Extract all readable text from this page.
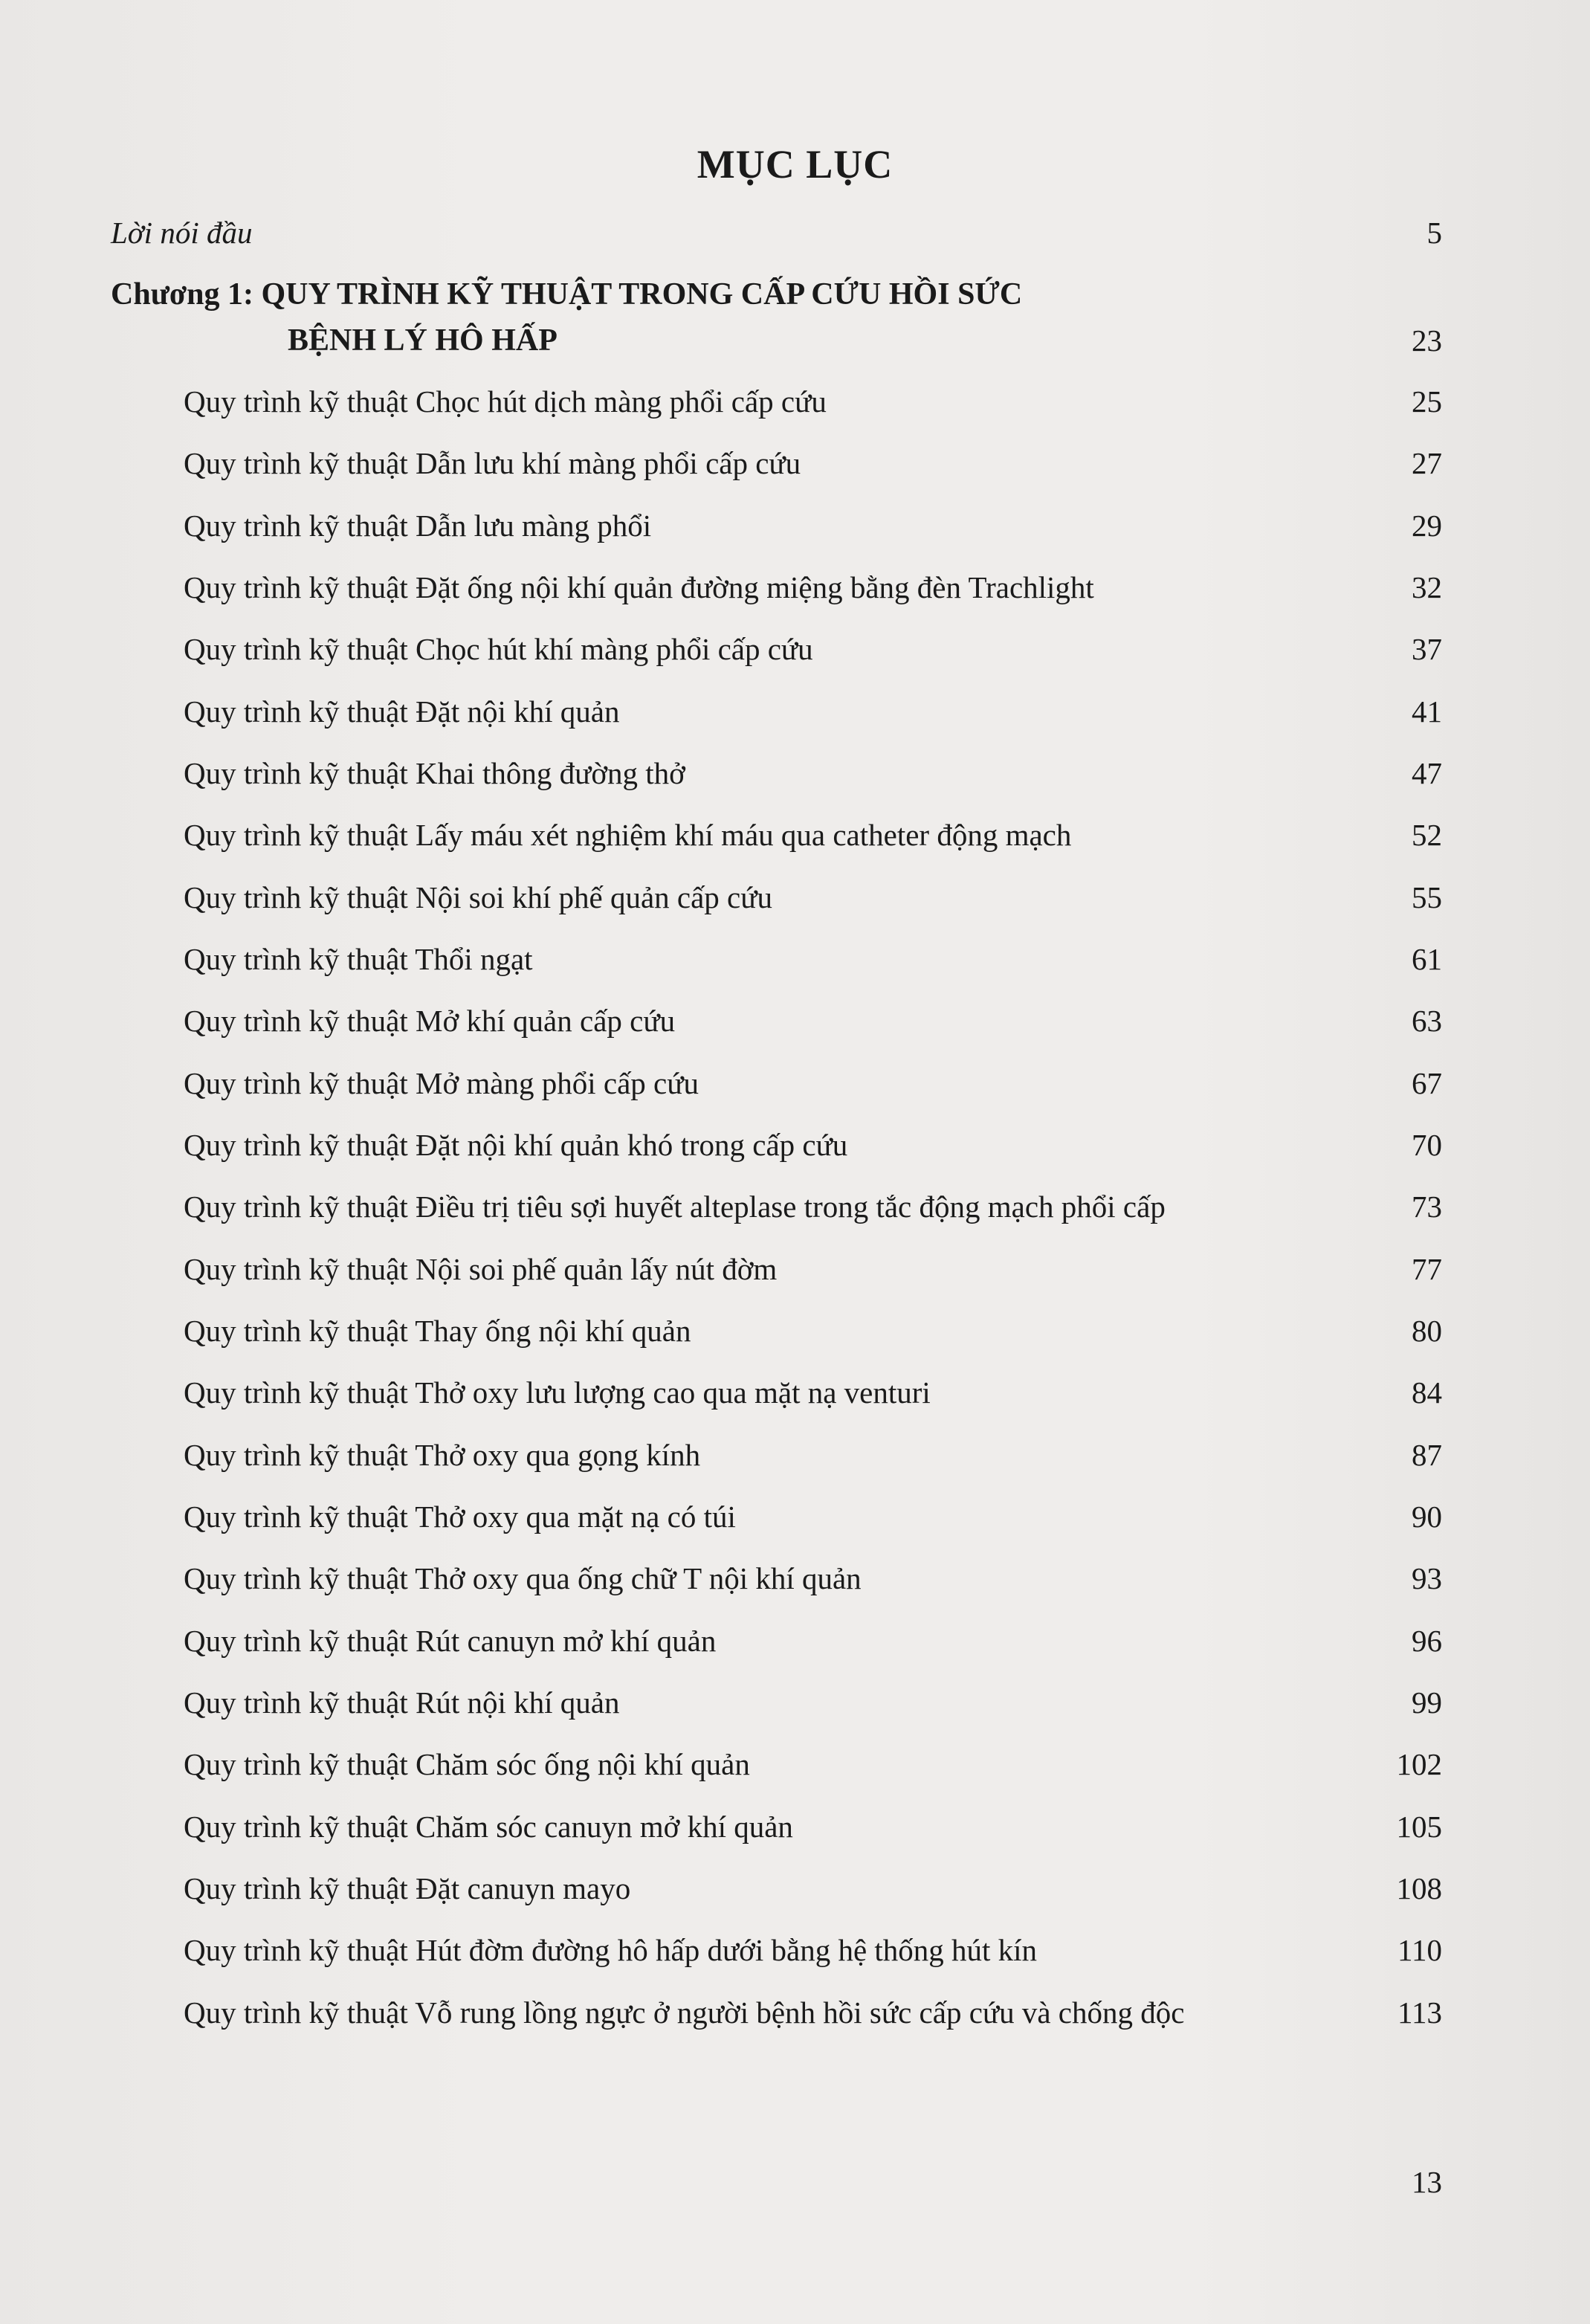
MỤC LỤC
Lời nói đầu	5
Chương 1: QUY TRÌNH KỸ THUẬT TRONG CẤP CỨU HỒI SỨC
BỆNH LÝ HÔ HẤP	23
Quy trình kỹ thuật Chọc hút dịch màng phổi cấp cứu	25
Quy trình kỹ thuật Dẫn lưu khí màng phổi cấp cứu	27
Quy trình kỹ thuật Dẫn lưu màng phổi	29
Quy trình kỹ thuật Đặt ống nội khí quản đường miệng bằng đèn Trachlight	32
Quy trình kỹ thuật Chọc hút khí màng phổi cấp cứu	37
Quy trình kỹ thuật Đặt nội khí quản	41
Quy trình kỹ thuật Khai thông đường thở	47
Quy trình kỹ thuật Lấy máu xét nghiệm khí máu qua catheter động mạch	52
Quy trình kỹ thuật Nội soi khí phế quản cấp cứu	55
Quy trình kỹ thuật Thổi ngạt	61
Quy trình kỹ thuật Mở khí quản cấp cứu	63
Quy trình kỹ thuật Mở màng phổi cấp cứu	67
Quy trình kỹ thuật Đặt nội khí quản khó trong cấp cứu	70
Quy trình kỹ thuật Điều trị tiêu sợi huyết alteplase trong tắc động mạch phổi cấp	73
Quy trình kỹ thuật Nội soi phế quản lấy nút đờm	77
Quy trình kỹ thuật Thay ống nội khí quản	80
Quy trình kỹ thuật Thở oxy lưu lượng cao qua mặt nạ venturi	84
Quy trình kỹ thuật Thở oxy qua gọng kính	87
Quy trình kỹ thuật Thở oxy qua mặt nạ có túi	90
Quy trình kỹ thuật Thở oxy qua ống chữ T nội khí quản	93
Quy trình kỹ thuật Rút canuyn mở khí quản	96
Quy trình kỹ thuật Rút nội khí quản	99
Quy trình kỹ thuật Chăm sóc ống nội khí quản	102
Quy trình kỹ thuật Chăm sóc canuyn mở khí quản	105
Quy trình kỹ thuật Đặt canuyn mayo	108
Quy trình kỹ thuật Hút đờm đường hô hấp dưới bằng hệ thống hút kín	110
Quy trình kỹ thuật Vỗ rung lồng ngực ở người bệnh hồi sức cấp cứu và chống độc	113
13
